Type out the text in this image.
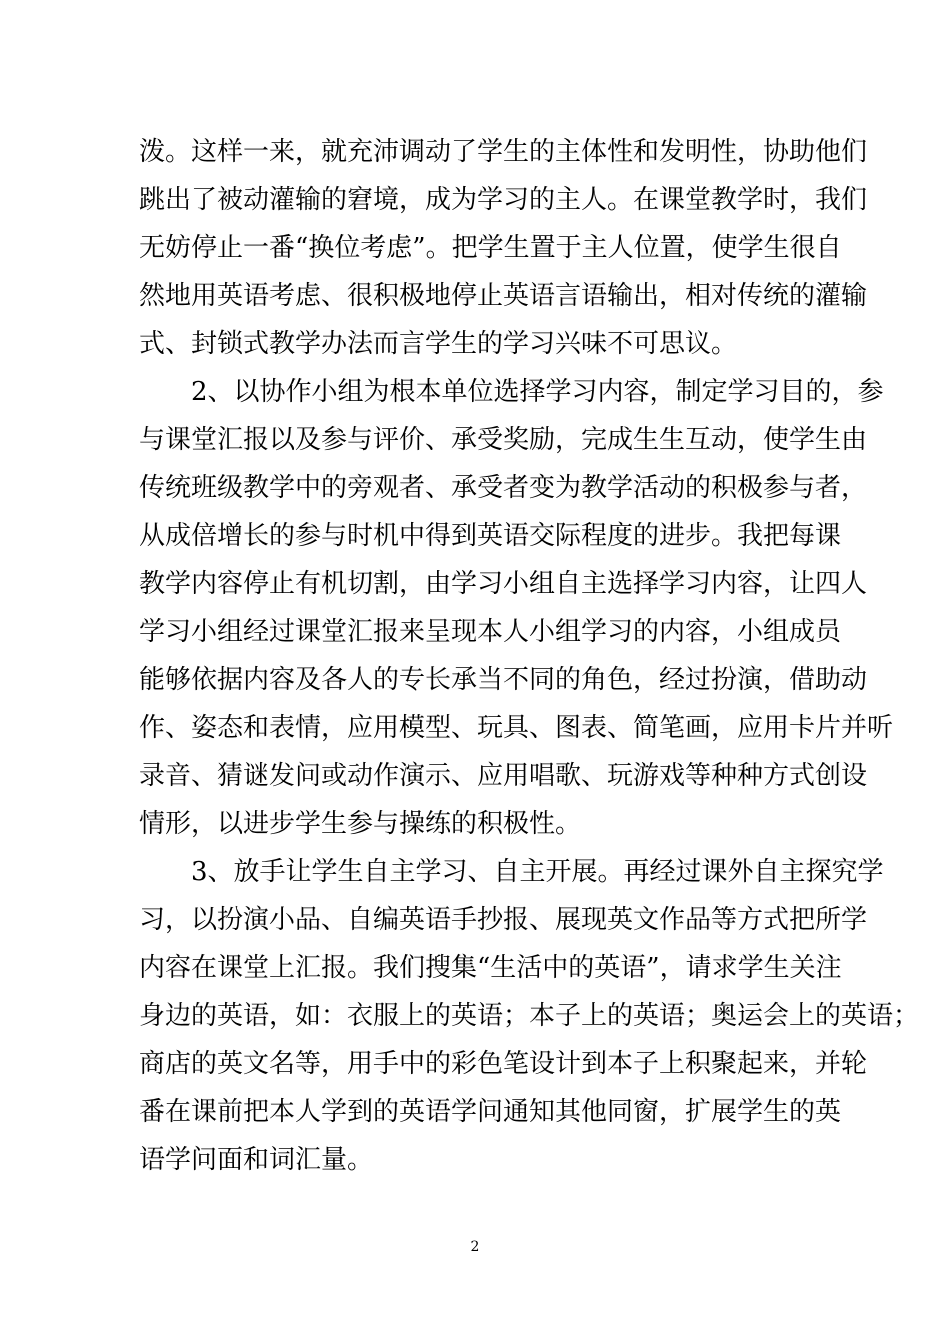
泼。这样一来，就充沛调动了学生的主体性和发明性，协助他们
跳出了被动灌输的窘境，成为学习的主人。在课堂教学时，我们
无妨停止一番“换位考虑”。把学生置于主人位置，使学生很自
然地用英语考虑、很积极地停止英语言语输出，相对传统的灌输
式、封锁式教学办法而言学生的学习兴味不可思议。
2、以协作小组为根本单位选择学习内容，制定学习目的，参
与课堂汇报以及参与评价、承受奖励，完成生生互动，使学生由
传统班级教学中的旁观者、承受者变为教学活动的积极参与者，
从成倍增长的参与时机中得到英语交际程度的进步。我把每课
教学内容停止有机切割，由学习小组自主选择学习内容，让四人
学习小组经过课堂汇报来呈现本人小组学习的内容，小组成员
能够依据内容及各人的专长承当不同的角色，经过扮演，借助动
作、姿态和表情，应用模型、玩具、图表、简笔画，应用卡片并听
录音、猜谜发问或动作演示、应用唱歌、玩游戏等种种方式创设
情形，以进步学生参与操练的积极性。
3、放手让学生自主学习、自主开展。再经过课外自主探究学
习，以扮演小品、自编英语手抄报、展现英文作品等方式把所学
内容在课堂上汇报。我们搜集“生活中的英语”，请求学生关注
身边的英语，如：衣服上的英语；本子上的英语；奥运会上的英语；
商店的英文名等，用手中的彩色笔设计到本子上积聚起来，并轮
番在课前把本人学到的英语学问通知其他同窗，扩展学生的英
语学问面和词汇量。
2
